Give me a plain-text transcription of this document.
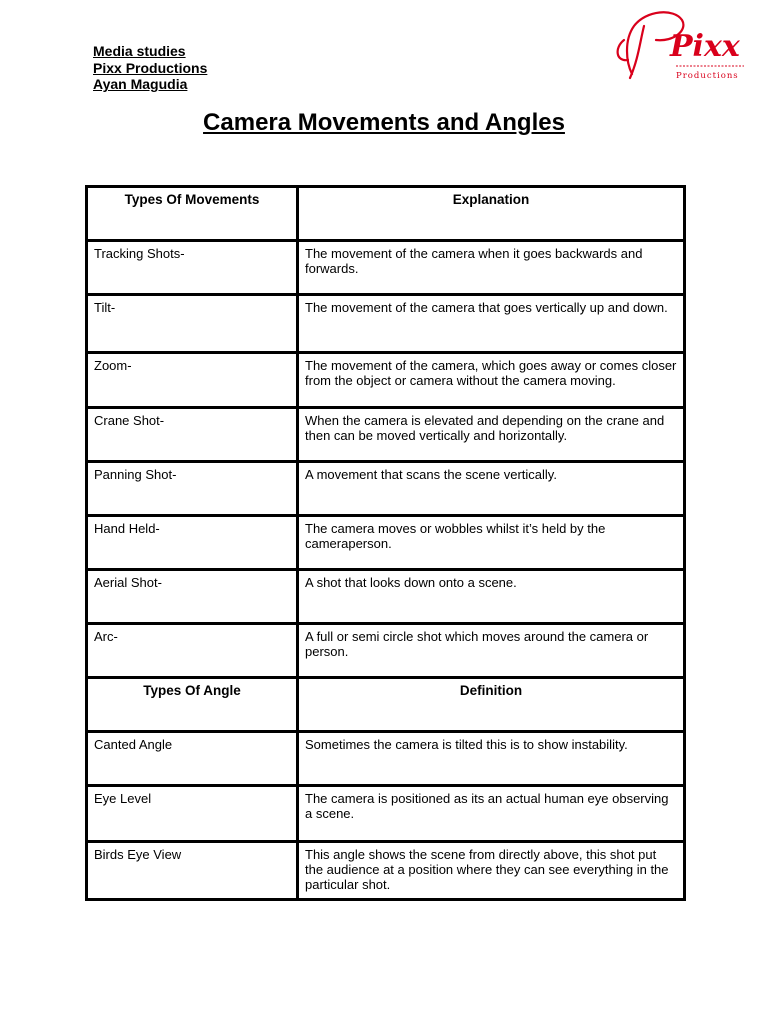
Media studies

Pixx Productions

Ayan Magudia

Pixx
Productions
Camera Movements and Angles
Types Of Movements	Explanation
Tracking Shots-	The movement of the camera when it goes backwards and forwards.
Tilt-	The movement of the camera that goes vertically up and down.
Zoom-	The movement of the camera, which goes away or comes closer from the object or camera without the camera moving.
Crane Shot-	When the camera is elevated and depending on the crane and then can be moved vertically and horizontally.
Panning Shot-	A movement that scans the scene vertically.
Hand Held-	The camera moves or wobbles whilst it’s held by the cameraperson.
Aerial Shot-	A shot that looks down onto a scene.
Arc-	A full or semi circle shot which moves around the camera or person.
Types Of Angle	Definition
Canted Angle	Sometimes the camera is tilted this is to show instability.
Eye Level	The camera is positioned as its an actual human eye observing a scene.
Birds Eye View	This angle shows the scene from directly above, this shot put the audience at a position where they can see everything in the particular shot.
